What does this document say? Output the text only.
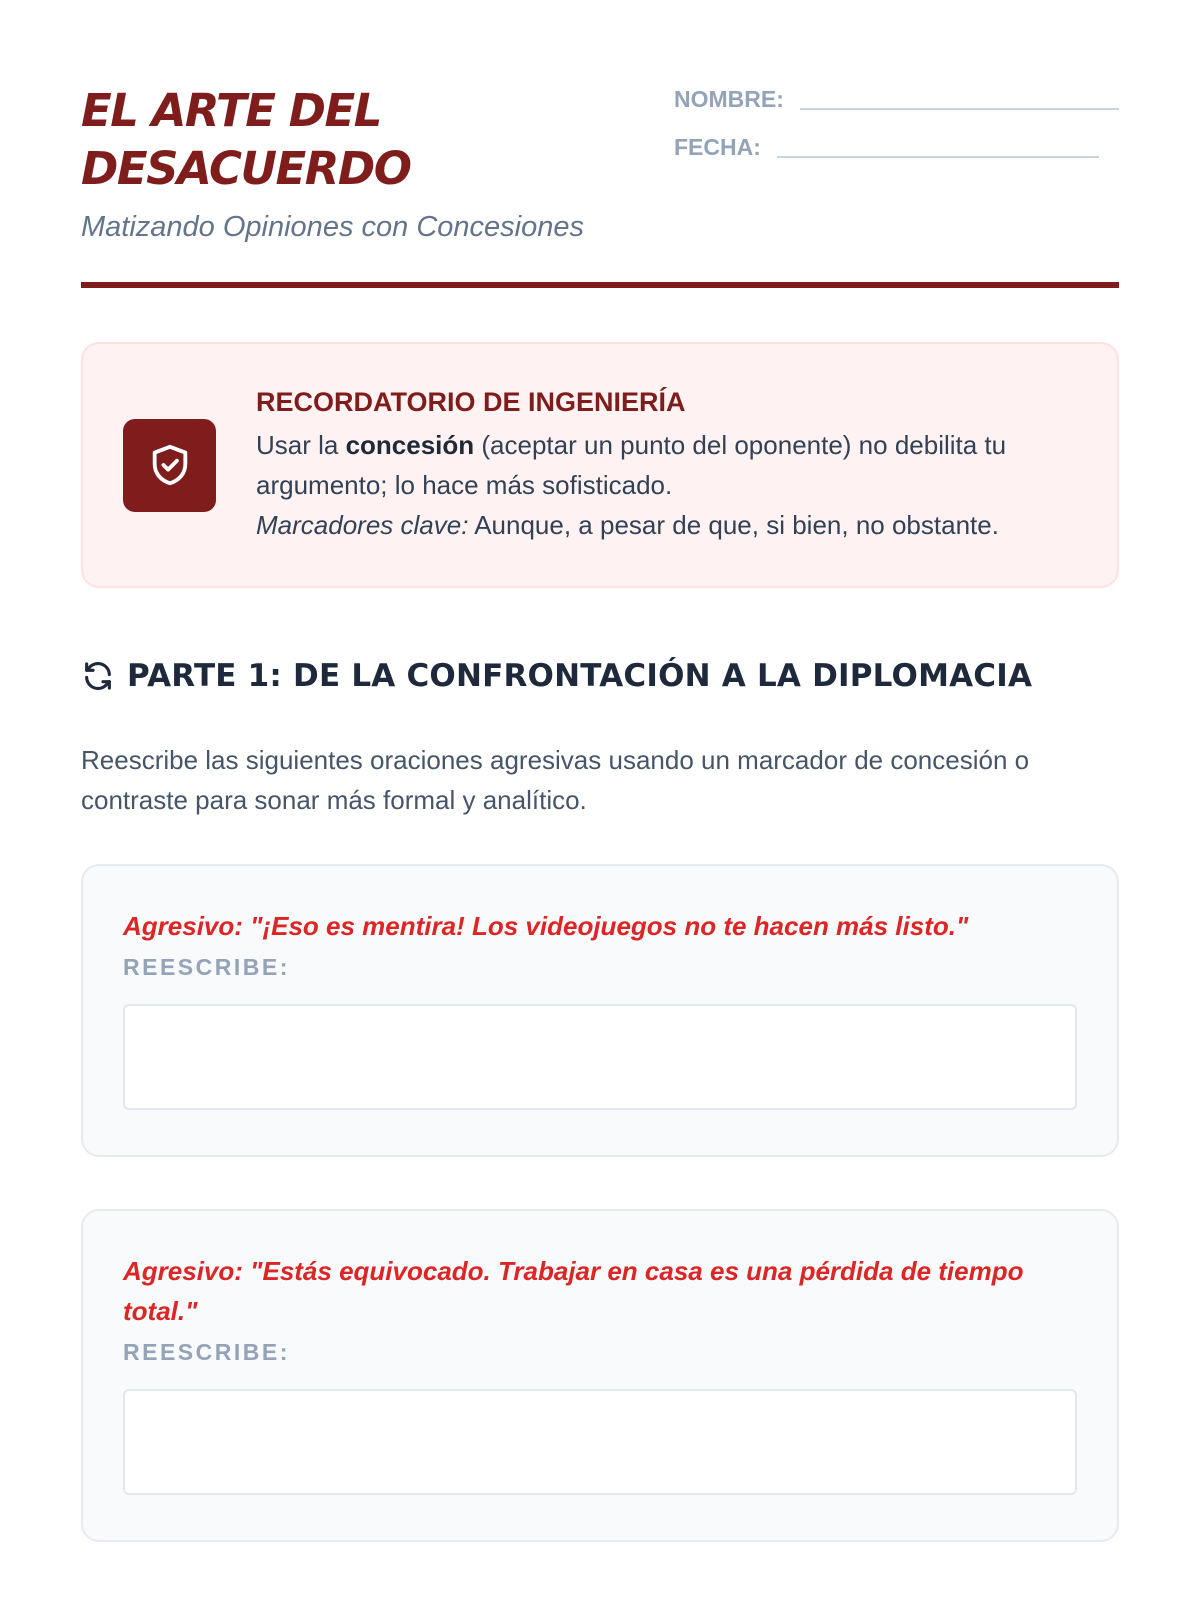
EL ARTE DEL DESACUERDO

Matizando Opiniones con Concesiones

NOMBRE:
FECHA:

RECORDATORIO DE INGENIERÍA

Usar la concesión (aceptar un punto del oponente) no debilita tu argumento; lo hace más sofisticado.
Marcadores clave: Aunque, a pesar de que, si bien, no obstante.

PARTE 1: DE LA CONFRONTACIÓN A LA DIPLOMACIA

Reescribe las siguientes oraciones agresivas usando un marcador de concesión o contraste para sonar más formal y analítico.

Agresivo: "¡Eso es mentira! Los videojuegos no te hacen más listo."

REESCRIBE:

Agresivo: "Estás equivocado. Trabajar en casa es una pérdida de tiempo total."

REESCRIBE:
